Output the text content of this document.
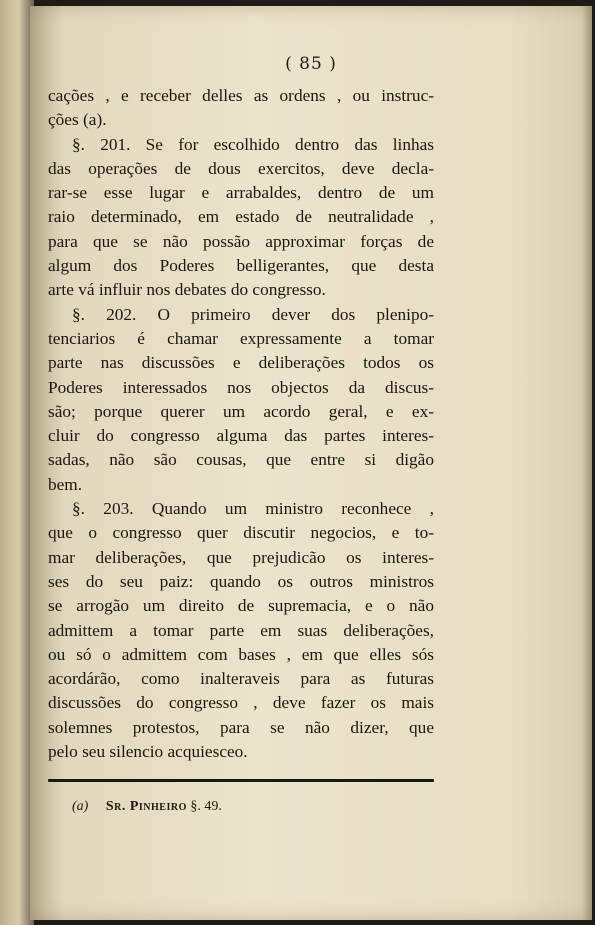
( 85 )
cações , e receber delles as ordens , ou instruc-
ções (a).
§. 201. Se for escolhido dentro das linhas
das operações de dous exercitos, deve decla-
rar-se esse lugar e arrabaldes, dentro de um
raio determinado, em estado de neutralidade ,
para que se não possão approximar forças de
algum dos Poderes belligerantes, que desta
arte vá influir nos debates do congresso.
§. 202. O primeiro dever dos plenipo-
tenciarios é chamar expressamente a tomar
parte nas discussões e deliberações todos os
Poderes interessados nos objectos da discus-
são; porque querer um acordo geral, e ex-
cluir do congresso alguma das partes interes-
sadas, não são cousas, que entre si digão
bem.
§. 203. Quando um ministro reconhece ,
que o congresso quer discutir negocios, e to-
mar deliberações, que prejudicão os interes-
ses do seu paiz: quando os outros ministros
se arrogão um direito de supremacia, e o não
admittem a tomar parte em suas deliberações,
ou só o admittem com bases , em que elles sós
acordárão, como inalteraveis para as futuras
discussões do congresso , deve fazer os mais
solemnes protestos, para se não dizer, que
pelo seu silencio acquiesceo.
(a) Sr. Pinheiro §. 49.
